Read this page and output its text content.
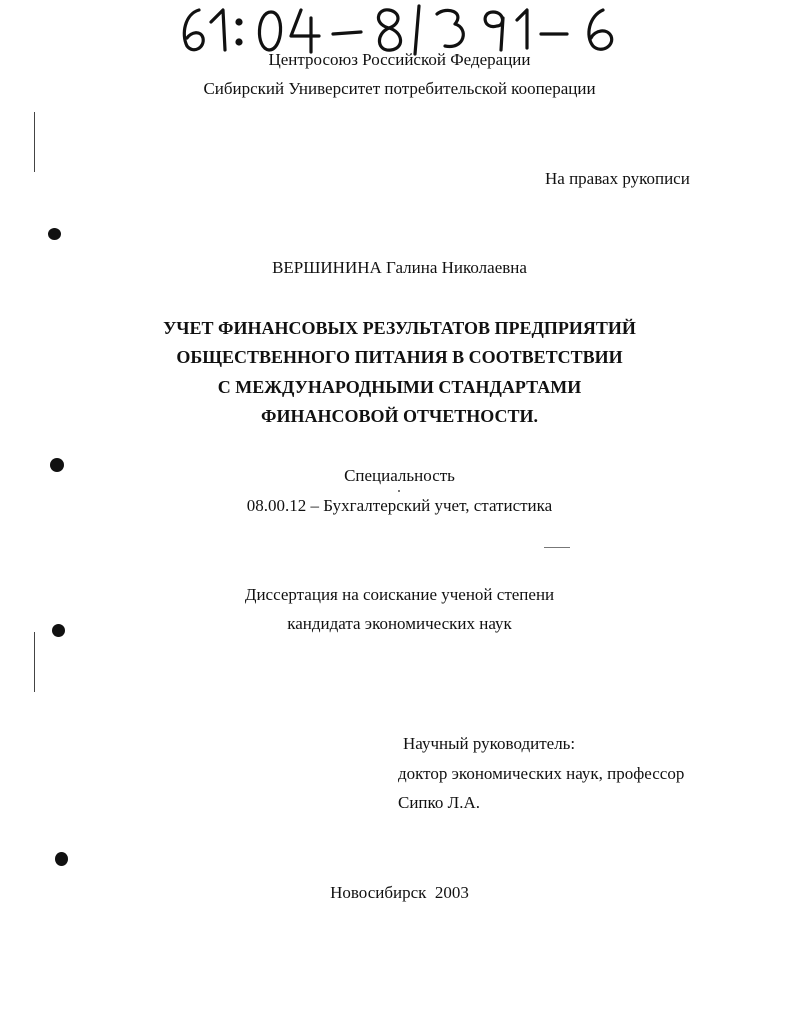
Центросоюз Российской Федерации
Сибирский Университет потребительской кооперации
На правах рукописи
ВЕРШИНИНА Галина Николаевна
УЧЕТ ФИНАНСОВЫХ РЕЗУЛЬТАТОВ ПРЕДПРИЯТИЙ
ОБЩЕСТВЕННОГО ПИТАНИЯ В СООТВЕТСТВИИ
С МЕЖДУНАРОДНЫМИ СТАНДАРТАМИ
ФИНАНСОВОЙ ОТЧЕТНОСТИ.
Специальность
08.00.12 – Бухгалтерский учет, статистика
Диссертация на соискание ученой степени
кандидата экономических наук
Научный руководитель:
доктор экономических наук, профессор
Сипко Л.А.
Новосибирск  2003
